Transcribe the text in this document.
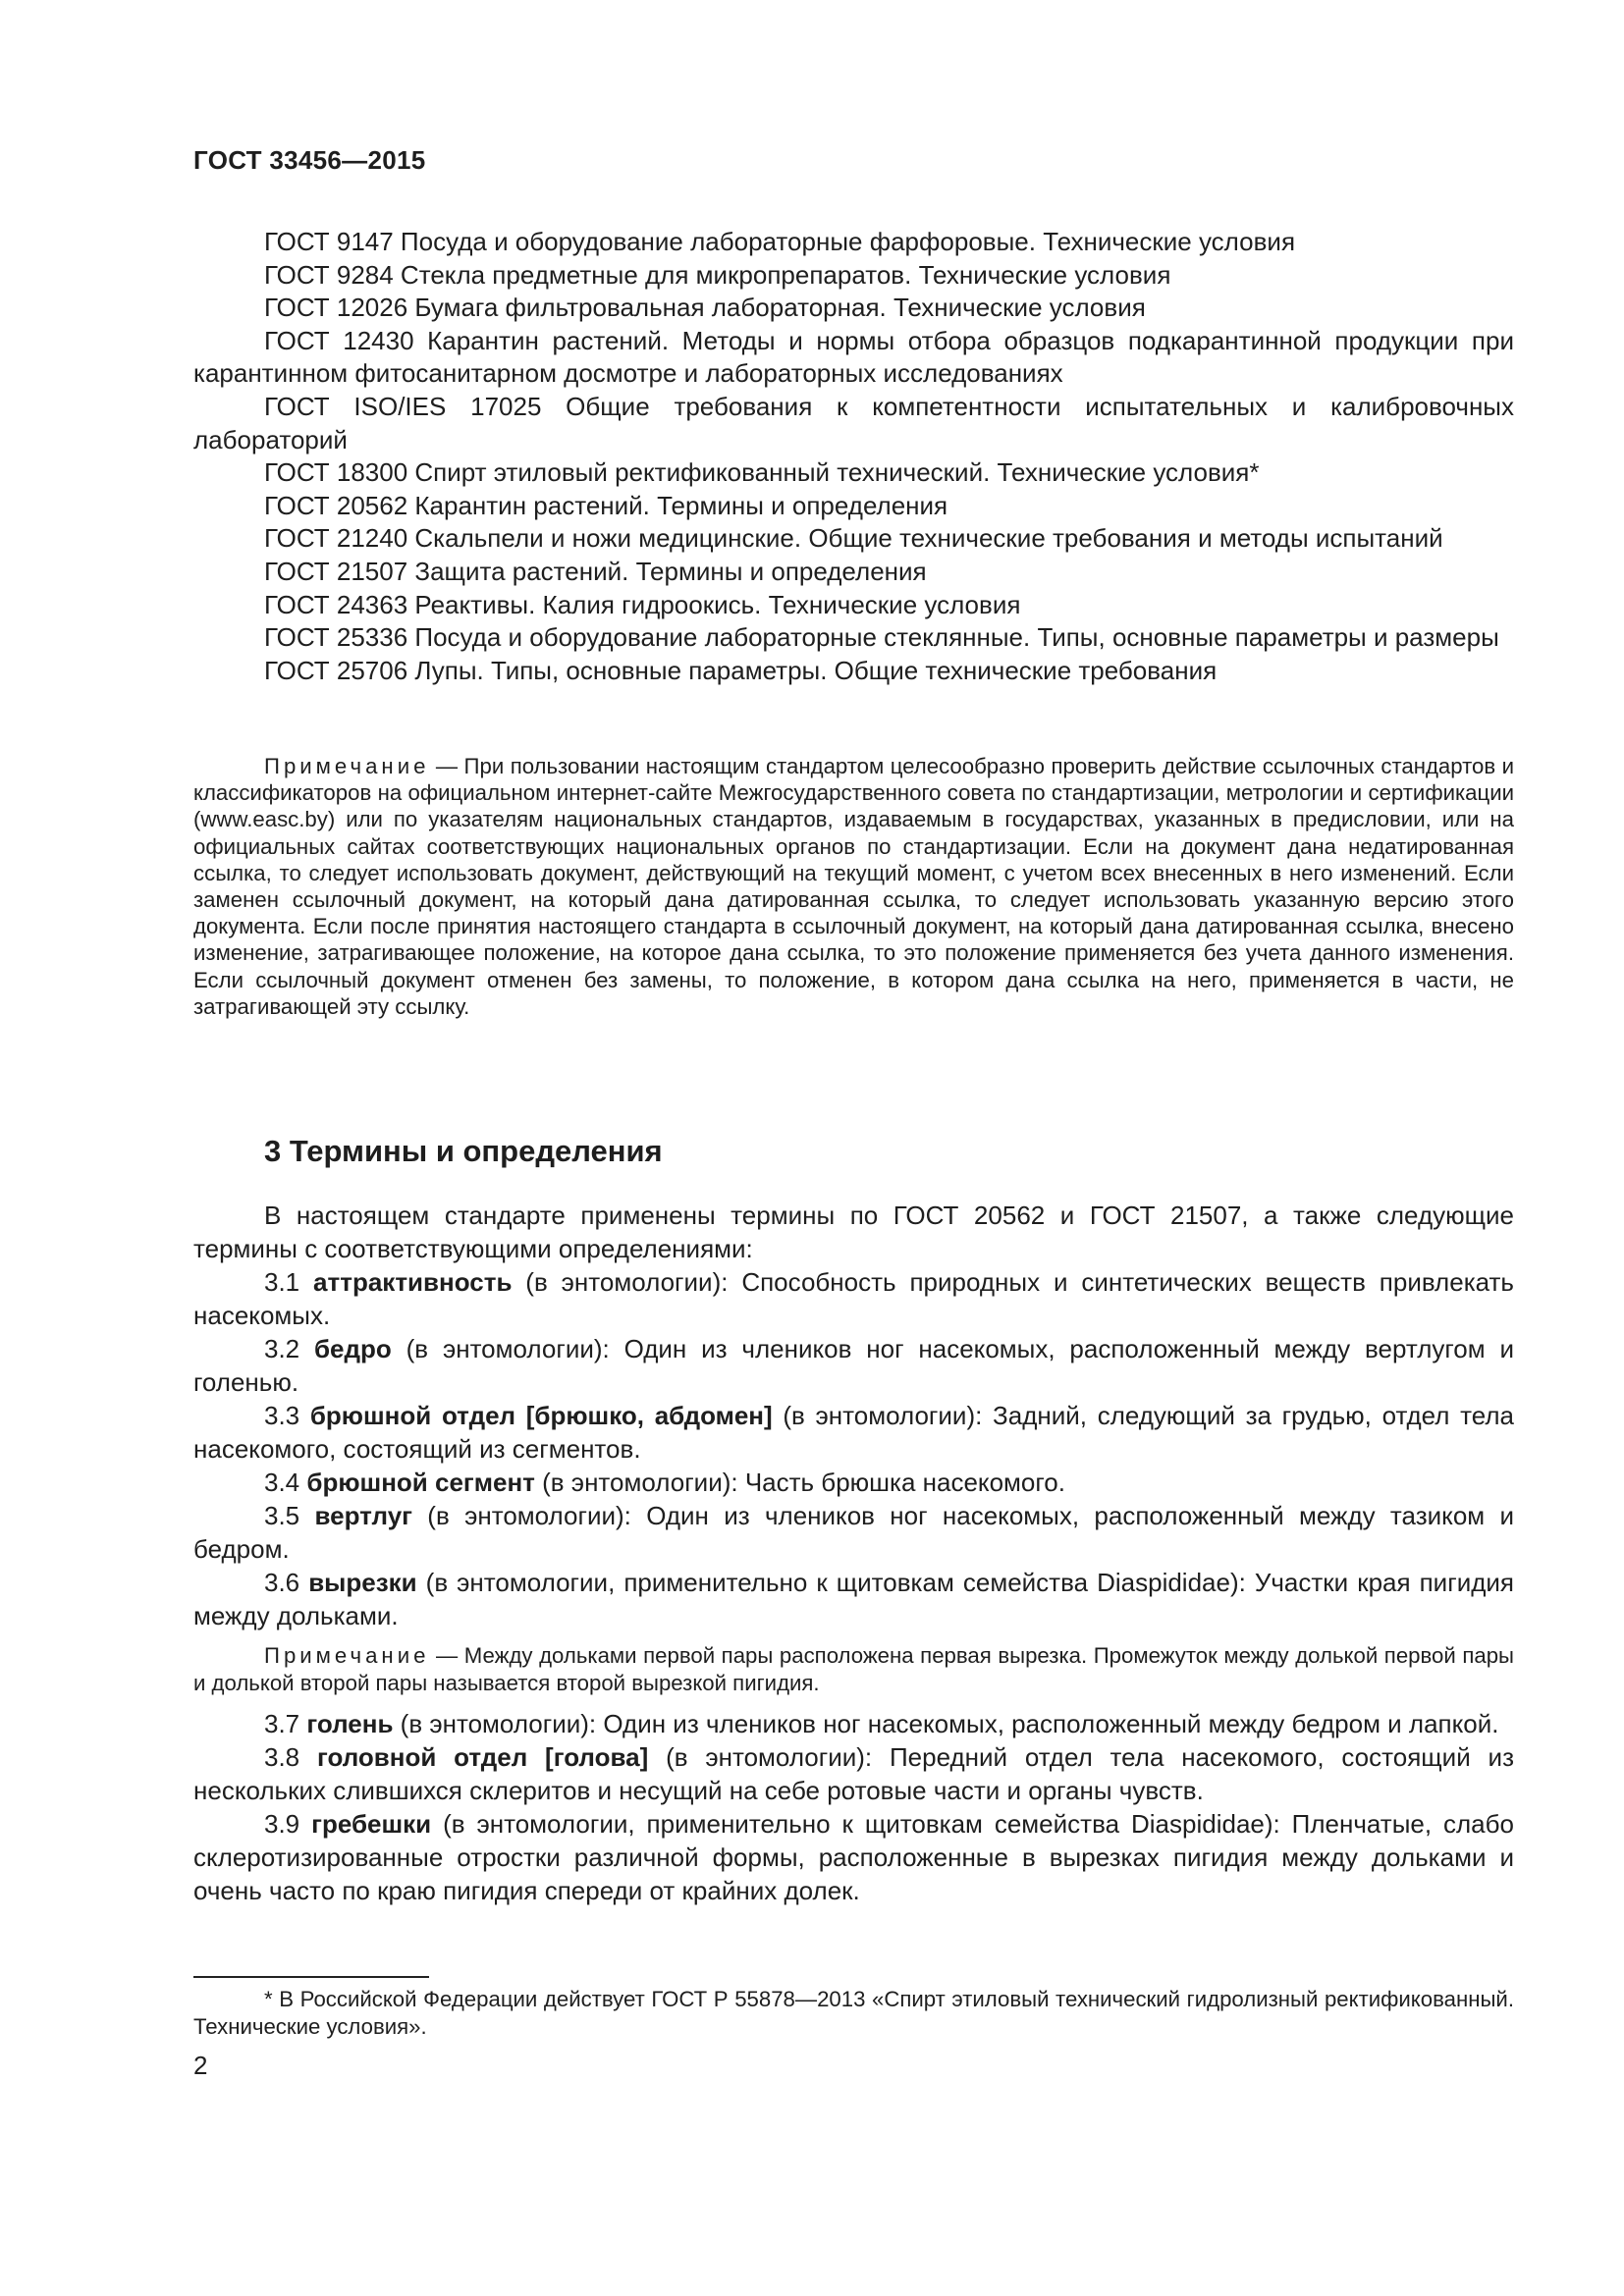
ГОСТ 33456—2015
ГОСТ 9147 Посуда и оборудование лабораторные фарфоровые. Технические условия
ГОСТ 9284 Стекла предметные для микропрепаратов. Технические условия
ГОСТ 12026 Бумага фильтровальная лабораторная. Технические условия
ГОСТ 12430 Карантин растений. Методы и нормы отбора образцов подкарантинной продукции при карантинном фитосанитарном досмотре и лабораторных исследованиях
ГОСТ ISO/IES 17025 Общие требования к компетентности испытательных и калибровочных лабораторий
ГОСТ 18300 Спирт этиловый ректификованный технический. Технические условия*
ГОСТ 20562 Карантин растений. Термины и определения
ГОСТ 21240 Скальпели и ножи медицинские. Общие технические требования и методы испытаний
ГОСТ 21507 Защита растений. Термины и определения
ГОСТ 24363 Реактивы. Калия гидроокись. Технические условия
ГОСТ 25336 Посуда и оборудование лабораторные стеклянные. Типы, основные параметры и размеры
ГОСТ 25706 Лупы. Типы, основные параметры. Общие технические требования
Примечание — При пользовании настоящим стандартом целесообразно проверить действие ссылочных стандартов и классификаторов на официальном интернет-сайте Межгосударственного совета по стандартизации, метрологии и сертификации (www.easc.by) или по указателям национальных стандартов, издаваемым в государствах, указанных в предисловии, или на официальных сайтах соответствующих национальных органов по стандартизации. Если на документ дана недатированная ссылка, то следует использовать документ, действующий на текущий момент, с учетом всех внесенных в него изменений. Если заменен ссылочный документ, на который дана датированная ссылка, то следует использовать указанную версию этого документа. Если после принятия настоящего стандарта в ссылочный документ, на который дана датированная ссылка, внесено изменение, затрагивающее положение, на которое дана ссылка, то это положение применяется без учета данного изменения. Если ссылочный документ отменен без замены, то положение, в котором дана ссылка на него, применяется в части, не затрагивающей эту ссылку.
3 Термины и определения
В настоящем стандарте применены термины по ГОСТ 20562 и ГОСТ 21507, а также следующие термины с соответствующими определениями:
3.1 аттрактивность (в энтомологии): Способность природных и синтетических веществ привлекать насекомых.
3.2 бедро (в энтомологии): Один из члеников ног насекомых, расположенный между вертлугом и голенью.
3.3 брюшной отдел [брюшко, абдомен] (в энтомологии): Задний, следующий за грудью, отдел тела насекомого, состоящий из сегментов.
3.4 брюшной сегмент (в энтомологии): Часть брюшка насекомого.
3.5 вертлуг (в энтомологии): Один из члеников ног насекомых, расположенный между тазиком и бедром.
3.6 вырезки (в энтомологии, применительно к щитовкам семейства Diaspididae): Участки края пигидия между дольками.
Примечание — Между дольками первой пары расположена первая вырезка. Промежуток между долькой первой пары и долькой второй пары называется второй вырезкой пигидия.
3.7 голень (в энтомологии): Один из члеников ног насекомых, расположенный между бедром и лапкой.
3.8 головной отдел [голова] (в энтомологии): Передний отдел тела насекомого, состоящий из нескольких слившихся склеритов и несущий на себе ротовые части и органы чувств.
3.9 гребешки (в энтомологии, применительно к щитовкам семейства Diaspididae): Пленчатые, слабо склеротизированные отростки различной формы, расположенные в вырезках пигидия между дольками и очень часто по краю пигидия спереди от крайних долек.
* В Российской Федерации действует ГОСТ Р 55878—2013 «Спирт этиловый технический гидролизный ректификованный. Технические условия».
2
